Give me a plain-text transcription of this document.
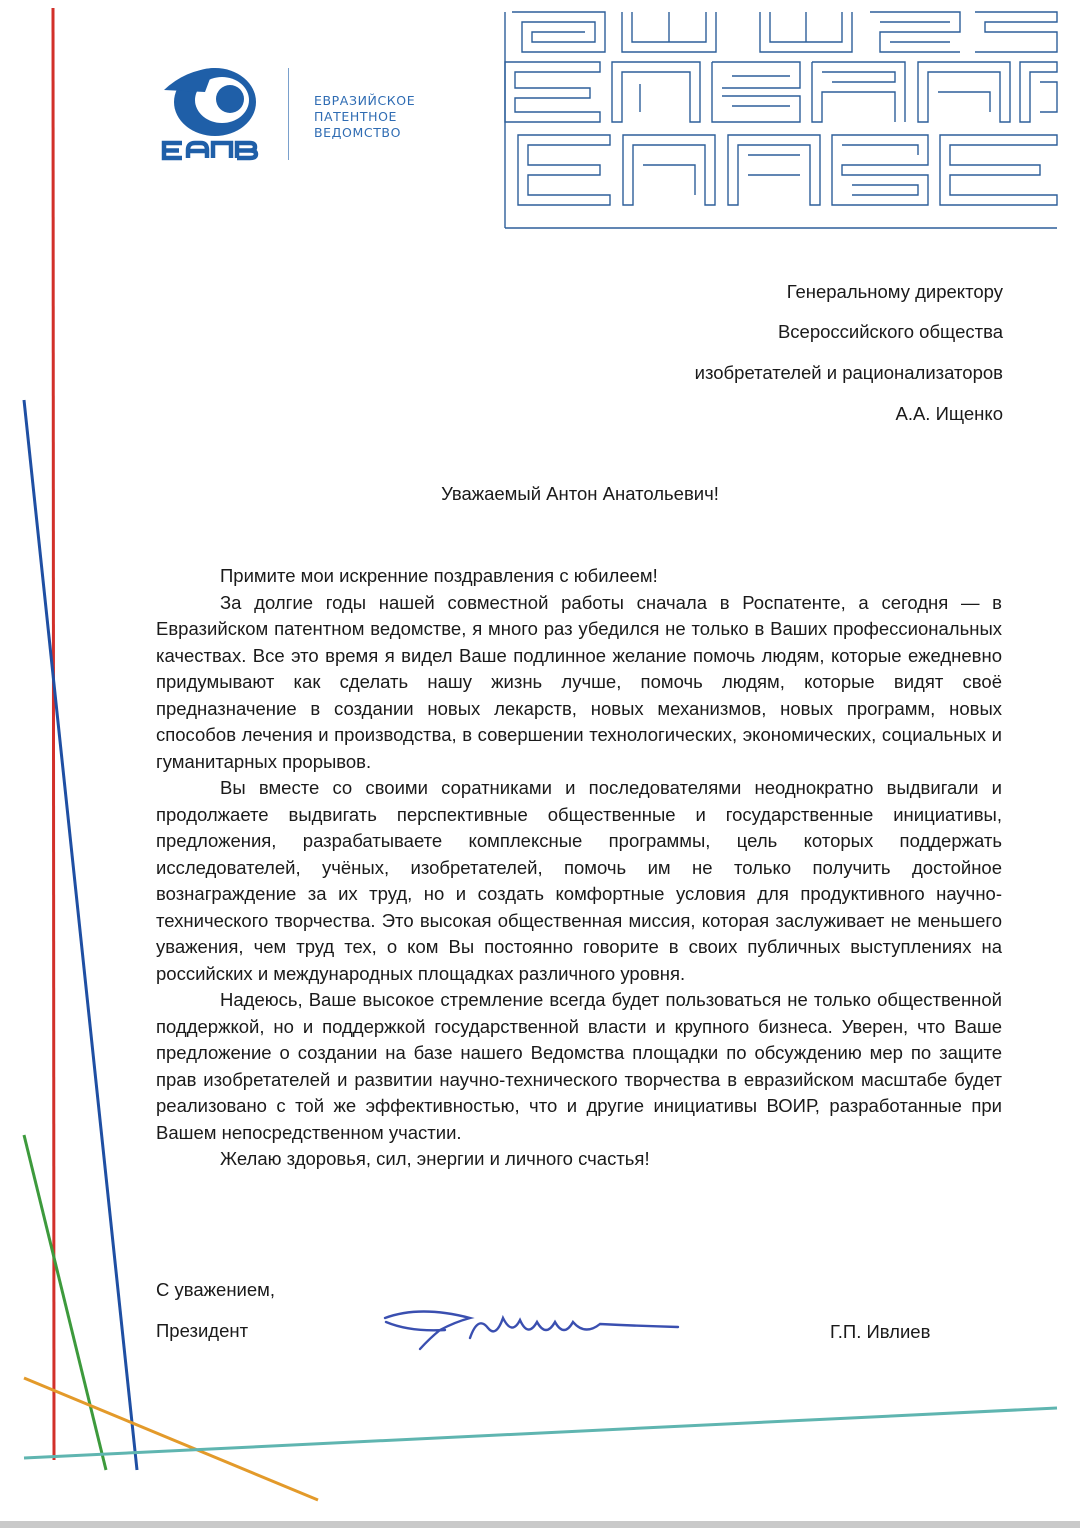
ЕВРАЗИЙСКОЕ
ПАТЕНТНОЕ
ВЕДОМСТВО
Генеральному директору
Всероссийского общества
изобретателей и рационализаторов
А.А. Ищенко
Уважаемый Антон Анатольевич!

Примите мои искренние поздравления с юбилеем!

За долгие годы нашей совместной работы сначала в Роспатенте, а сегодня — в Евразийском патентном ведомстве, я много раз убедился не только в Ваших профессиональных качествах. Все это время я видел Ваше подлинное желание помочь людям, которые ежедневно придумывают как сделать нашу жизнь лучше, помочь людям, которые видят своё предназначение в создании новых лекарств, новых механизмов, новых программ, новых способов лечения и производства, в совершении технологических, экономических, социальных и гуманитарных прорывов.

Вы вместе со своими соратниками и последователями неоднократно выдвигали и продолжаете выдвигать перспективные общественные и государственные инициативы, предложения, разрабатываете комплексные программы, цель которых поддержать исследователей, учёных, изобретателей, помочь им не только получить достойное вознаграждение за их труд, но и создать комфортные условия для продуктивного научно-технического творчества. Это высокая общественная миссия, которая заслуживает не меньшего уважения, чем труд тех, о ком Вы постоянно говорите в своих публичных выступлениях на российских и международных площадках различного уровня.

Надеюсь, Ваше высокое стремление всегда будет пользоваться не только общественной поддержкой, но и поддержкой государственной власти и крупного бизнеса. Уверен, что Ваше предложение о создании на базе нашего Ведомства площадки по обсуждению мер по защите прав изобретателей и развитии научно-технического творчества в евразийском масштабе будет реализовано с той же эффективностью, что и другие инициативы ВОИР, разработанные при Вашем непосредственном участии.

Желаю здоровья, сил, энергии и личного счастья!

С уважением,
Президент	Г.П. Ивлиев
